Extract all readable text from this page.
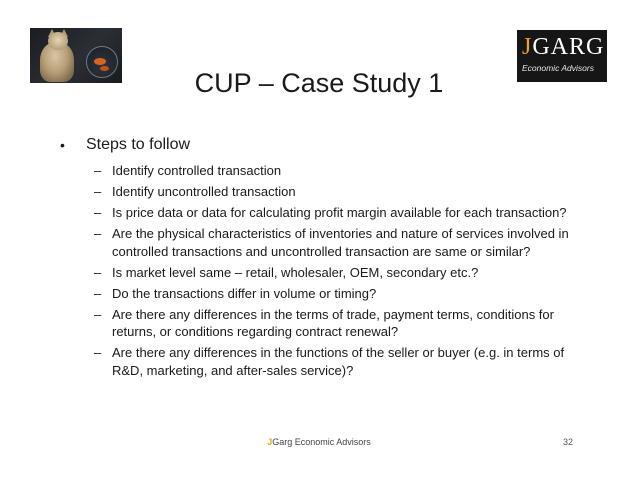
JGARG
Economic Advisors
CUP – Case Study 1
•	Steps to follow
– Identify controlled transaction
– Identify uncontrolled transaction
– Is price data or data for calculating profit margin available for each transaction?
– Are the physical characteristics of inventories and nature of services involved in controlled transactions and uncontrolled transaction are same or similar?
– Is market level same – retail, wholesaler, OEM, secondary etc.?
– Do the transactions differ in volume or timing?
– Are there any differences in the terms of trade, payment terms, conditions for returns, or conditions regarding contract renewal?
– Are there any differences in the functions of the seller or buyer (e.g. in terms of R&D, marketing, and after-sales service)?
JGarg Economic Advisors	32
